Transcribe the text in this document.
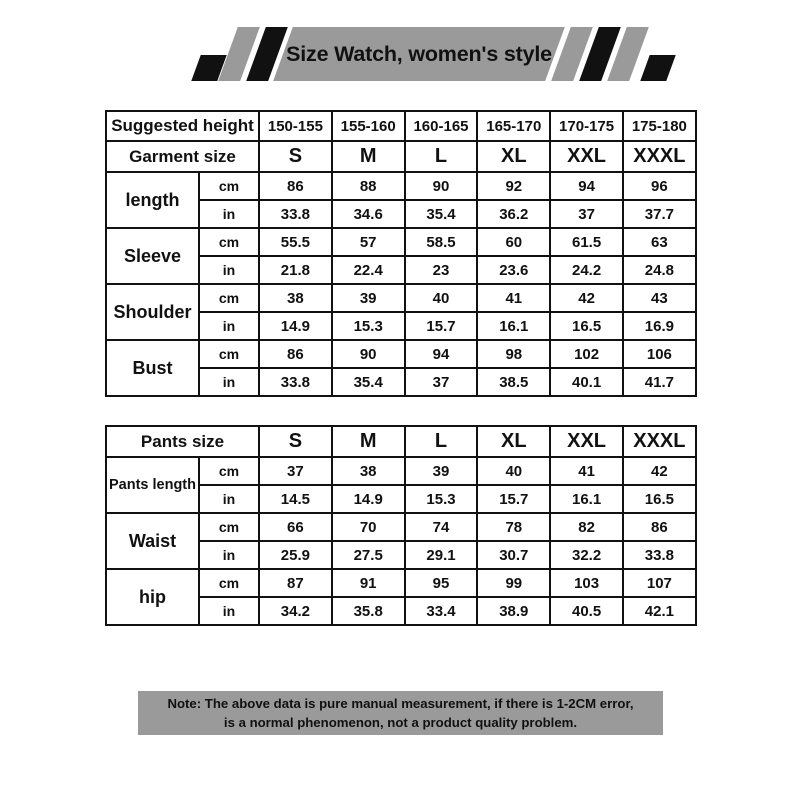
Size Watch, women's style
Suggested height		150-155	155-160	160-165	165-170	170-175	175-180
Garment size		S	M	L	XL	XXL	XXXL
length	cm	86	88	90	92	94	96
	in	33.8	34.6	35.4	36.2	37	37.7
Sleeve	cm	55.5	57	58.5	60	61.5	63
	in	21.8	22.4	23	23.6	24.2	24.8
Shoulder	cm	38	39	40	41	42	43
	in	14.9	15.3	15.7	16.1	16.5	16.9
Bust	cm	86	90	94	98	102	106
	in	33.8	35.4	37	38.5	40.1	41.7
Pants size		S	M	L	XL	XXL	XXXL
Pants length	cm	37	38	39	40	41	42
	in	14.5	14.9	15.3	15.7	16.1	16.5
Waist	cm	66	70	74	78	82	86
	in	25.9	27.5	29.1	30.7	32.2	33.8
hip	cm	87	91	95	99	103	107
	in	34.2	35.8	33.4	38.9	40.5	42.1
Note: The above data is pure manual measurement, if there is 1-2CM error,
is a normal phenomenon, not a product quality problem.
